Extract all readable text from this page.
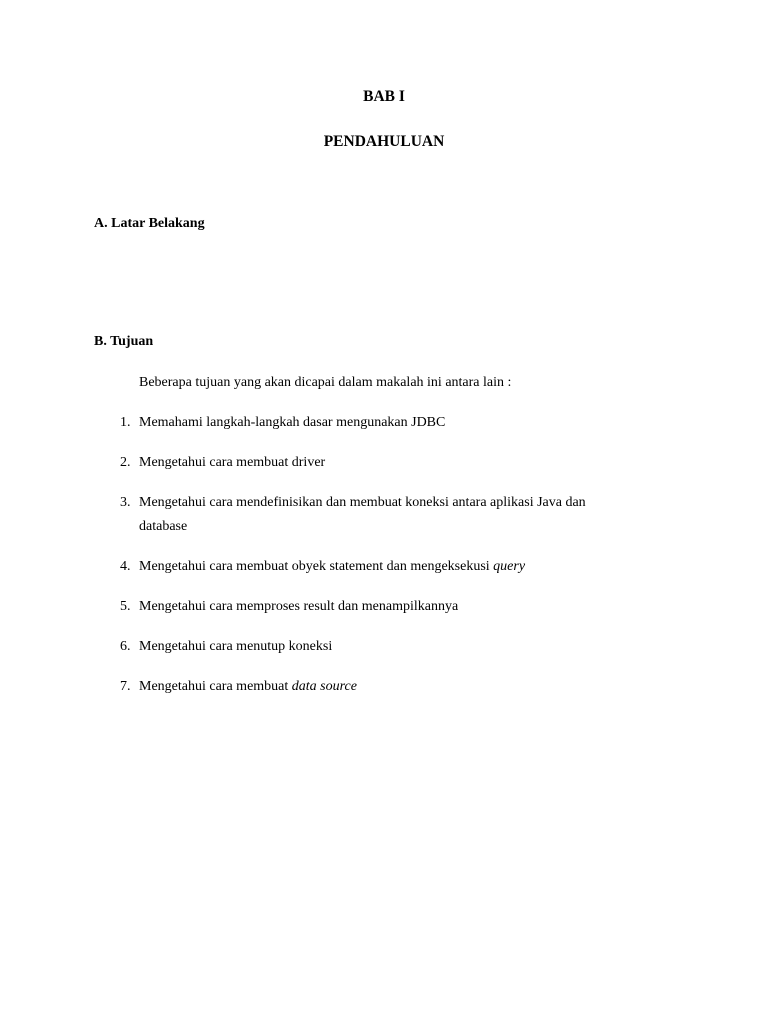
BAB I
PENDAHULUAN
A. Latar Belakang
B. Tujuan
Beberapa tujuan yang akan dicapai dalam makalah ini antara lain :
1. Memahami langkah-langkah dasar mengunakan JDBC
2. Mengetahui cara membuat driver
3. Mengetahui cara mendefinisikan dan membuat koneksi antara aplikasi Java dan
database
4. Mengetahui cara membuat obyek statement dan mengeksekusi query
5. Mengetahui cara memproses result dan menampilkannya
6. Mengetahui cara menutup koneksi
7. Mengetahui cara membuat data source
